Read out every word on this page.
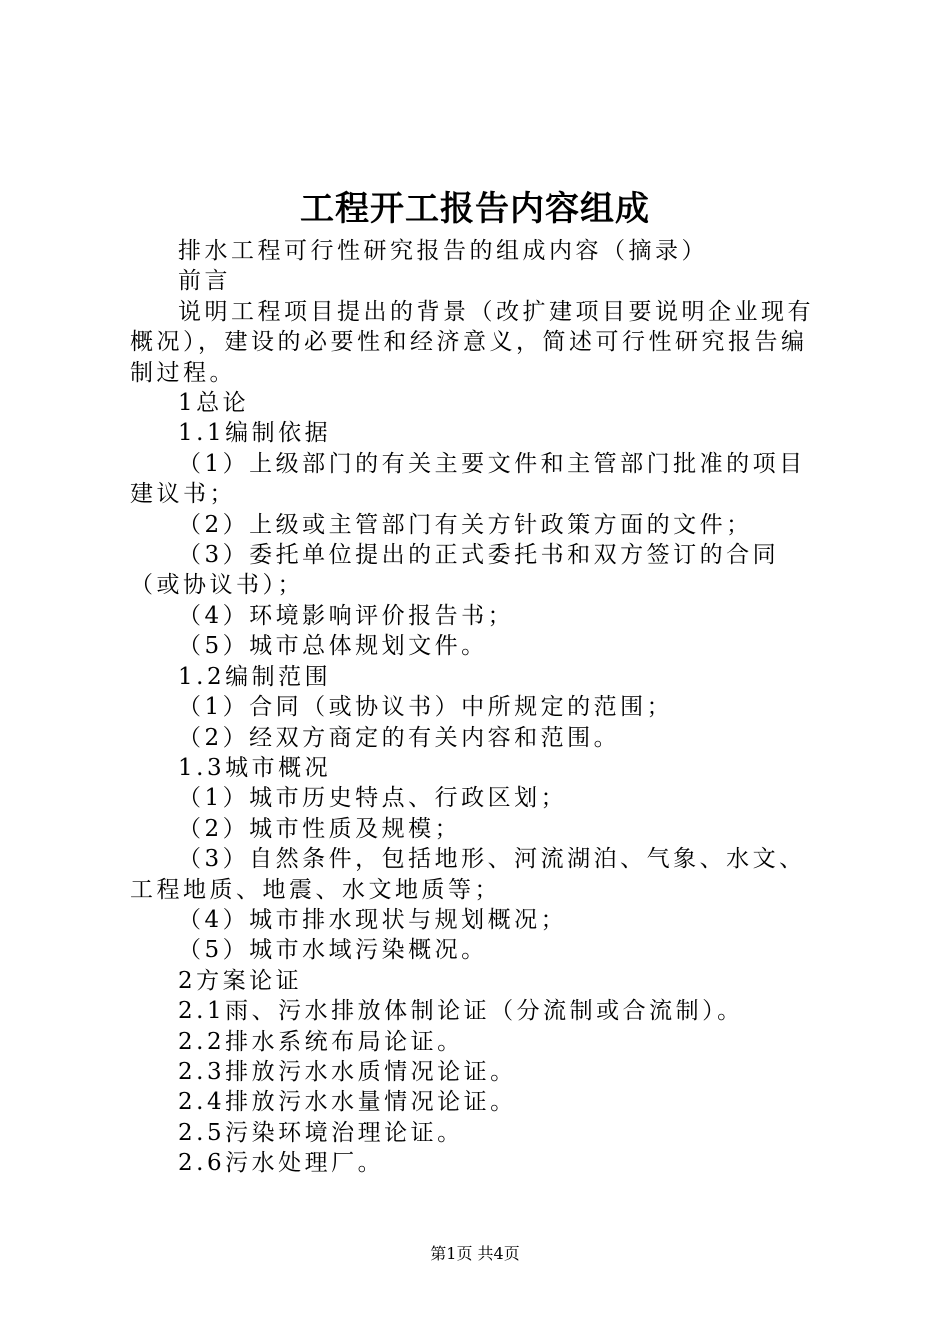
工程开工报告内容组成

排水工程可行性研究报告的组成内容（摘录）

前言

说明工程项目提出的背景（改扩建项目要说明企业现有概况），建设的必要性和经济意义，简述可行性研究报告编制过程。

1总论

1.1编制依据

（1）上级部门的有关主要文件和主管部门批准的项目建议书；

（2）上级或主管部门有关方针政策方面的文件；

（3）委托单位提出的正式委托书和双方签订的合同（或协议书）；

（4）环境影响评价报告书；

（5）城市总体规划文件。

1.2编制范围

（1）合同（或协议书）中所规定的范围；

（2）经双方商定的有关内容和范围。

1.3城市概况

（1）城市历史特点、行政区划；

（2）城市性质及规模；

（3）自然条件，包括地形、河流湖泊、气象、水文、工程地质、地震、水文地质等；

（4）城市排水现状与规划概况；

（5）城市水域污染概况。

2方案论证

2.1雨、污水排放体制论证（分流制或合流制）。

2.2排水系统布局论证。

2.3排放污水水质情况论证。

2.4排放污水水量情况论证。

2.5污染环境治理论证。

2.6污水处理厂。

第1页 共4页
